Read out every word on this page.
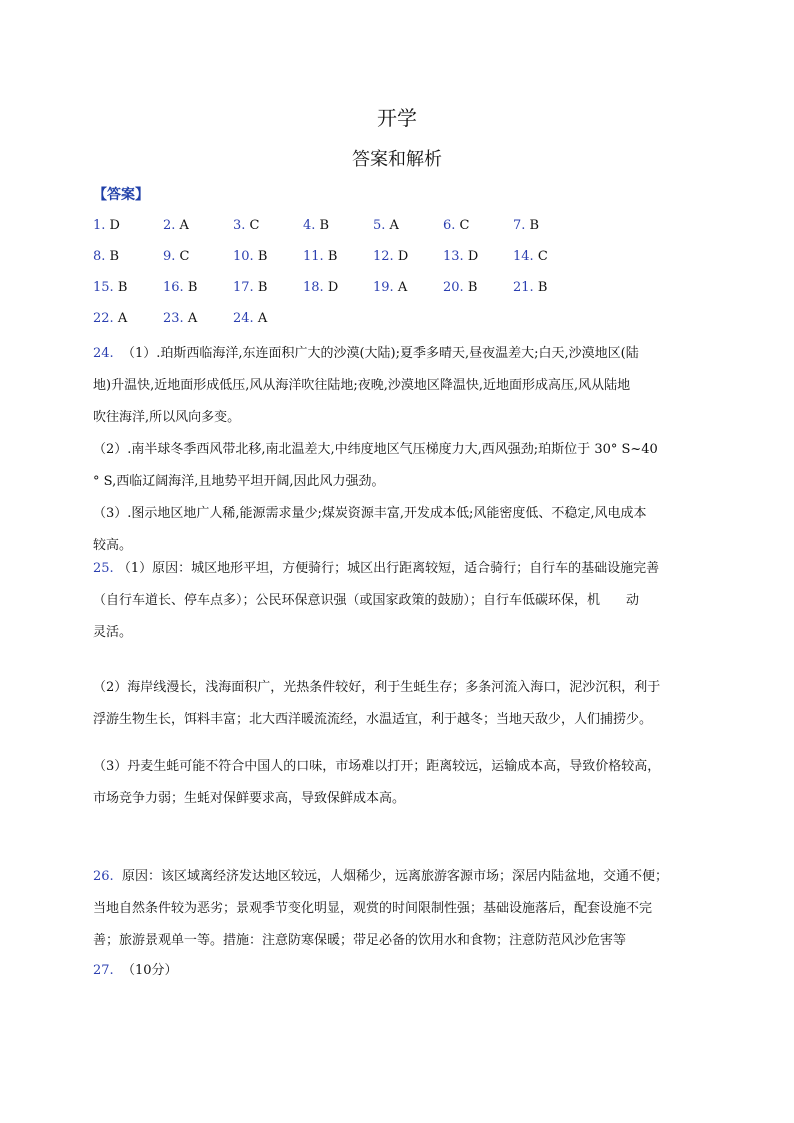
开学
答案和解析
【答案】
1. D	2. A	3. C	4. B	5. A	6. C	7. B
8. B	9. C	10. B	11. B	12. D	13. D	14. C
15. B	16. B	17. B	18. D	19. A	20. B	21. B
22. A	23. A	24. A
24. （1）.珀斯西临海洋,东连面积广大的沙漠(大陆);夏季多晴天,昼夜温差大;白天,沙漠地区(陆
地)升温快,近地面形成低压,风从海洋吹往陆地;夜晚,沙漠地区降温快,近地面形成高压,风从陆地
吹往海洋,所以风向多变。
（2）.南半球冬季西风带北移,南北温差大,中纬度地区气压梯度力大,西风强劲;珀斯位于 30° S~40
° S,西临辽阔海洋,且地势平坦开阔,因此风力强劲。
（3）.图示地区地广人稀,能源需求量少;煤炭资源丰富,开发成本低;风能密度低、不稳定,风电成本
较高。
25. （1）原因：城区地形平坦，方便骑行；城区出行距离较短，适合骑行；自行车的基础设施完善
（自行车道长、停车点多）；公民环保意识强（或国家政策的鼓励）；自行车低碳环保，机　　动
灵活。
（2）海岸线漫长，浅海面积广，光热条件较好，利于生蚝生存；多条河流入海口，泥沙沉积，利于
浮游生物生长，饵料丰富；北大西洋暖流流经，水温适宜，利于越冬；当地天敌少，人们捕捞少。
（3）丹麦生蚝可能不符合中国人的口味，市场难以打开；距离较远，运输成本高，导致价格较高，
市场竞争力弱；生蚝对保鲜要求高，导致保鲜成本高。
26. 原因：该区域离经济发达地区较远，人烟稀少，远离旅游客源市场；深居内陆盆地，交通不便；
当地自然条件较为恶劣；景观季节变化明显，观赏的时间限制性强；基础设施落后，配套设施不完
善；旅游景观单一等。措施：注意防寒保暖；带足必备的饮用水和食物；注意防范风沙危害等
27. （10分）
